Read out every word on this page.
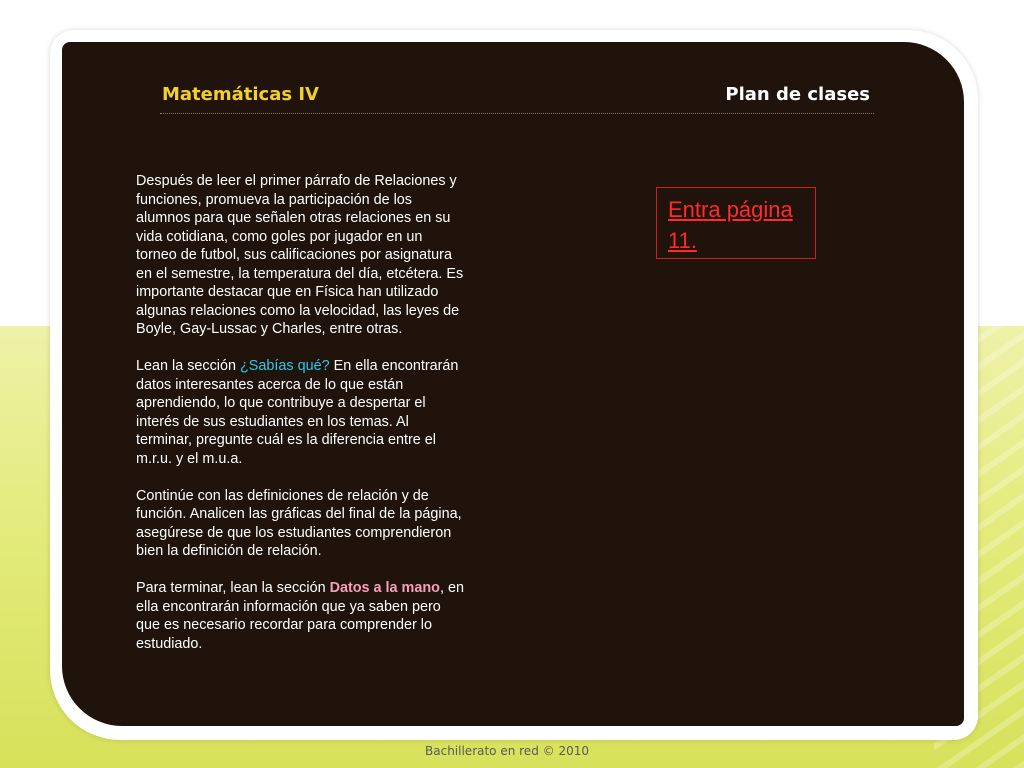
Matemáticas IV	Plan de clases

Después de leer el primer párrafo de Relaciones y funciones, promueva la participación de los alumnos para que señalen otras relaciones en su vida cotidiana, como goles por jugador en un torneo de futbol, sus calificaciones por asignatura en el semestre, la temperatura del día, etcétera. Es importante destacar que en Física han utilizado algunas relaciones como la velocidad, las leyes de Boyle, Gay-Lussac y Charles, entre otras.

Lean la sección ¿Sabías qué? En ella encontrarán datos interesantes acerca de lo que están aprendiendo, lo que contribuye a despertar el interés de sus estudiantes en los temas. Al terminar, pregunte cuál es la diferencia entre el m.r.u. y el m.u.a.

Continúe con las definiciones de relación y de función. Analicen las gráficas del final de la página, asegúrese de que los estudiantes comprendieron bien la definición de relación.

Para terminar, lean la sección Datos a la mano, en ella encontrarán información que ya saben pero que es necesario recordar para comprender lo estudiado.

Entra página 11.
Bachillerato en red © 2010
